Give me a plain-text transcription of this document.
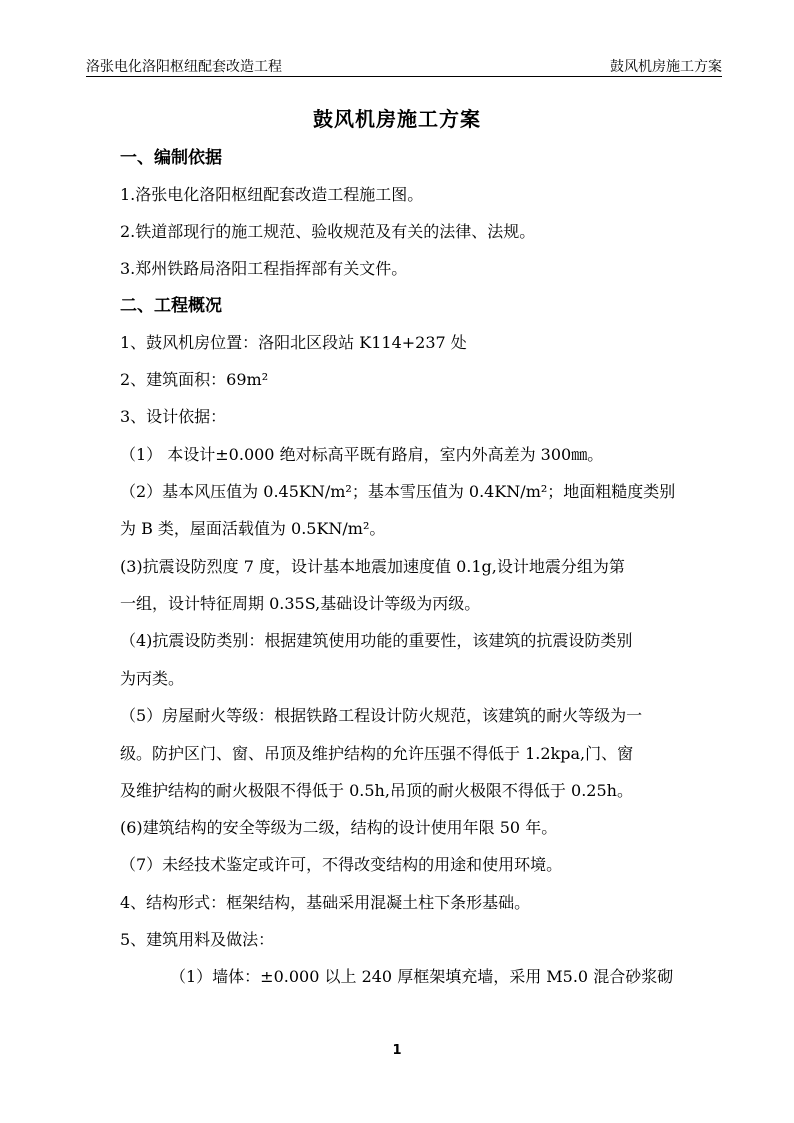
洛张电化洛阳枢纽配套改造工程	鼓风机房施工方案
鼓风机房施工方案
一、编制依据
1.洛张电化洛阳枢纽配套改造工程施工图。
2.铁道部现行的施工规范、验收规范及有关的法律、法规。
3.郑州铁路局洛阳工程指挥部有关文件。
二、工程概况
1、鼓风机房位置：洛阳北区段站 K114+237 处
2、建筑面积：69m²
3、设计依据：
（1） 本设计±0.000 绝对标高平既有路肩，室内外高差为 300㎜。
（2）基本风压值为 0.45KN/m²；基本雪压值为 0.4KN/m²；地面粗糙度类别
为 B 类，屋面活载值为 0.5KN/m²。
(3)抗震设防烈度 7 度，设计基本地震加速度值 0.1g,设计地震分组为第
一组，设计特征周期 0.35S,基础设计等级为丙级。
（4)抗震设防类别：根据建筑使用功能的重要性，该建筑的抗震设防类别
为丙类。
（5）房屋耐火等级：根据铁路工程设计防火规范，该建筑的耐火等级为一
级。防护区门、窗、吊顶及维护结构的允许压强不得低于 1.2kpa,门、窗
及维护结构的耐火极限不得低于 0.5h,吊顶的耐火极限不得低于 0.25h。
(6)建筑结构的安全等级为二级，结构的设计使用年限 50 年。
（7）未经技术鉴定或许可，不得改变结构的用途和使用环境。
4、结构形式：框架结构，基础采用混凝土柱下条形基础。
5、建筑用料及做法：
（1）墙体：±0.000 以上 240 厚框架填充墙，采用 M5.0 混合砂浆砌
1
